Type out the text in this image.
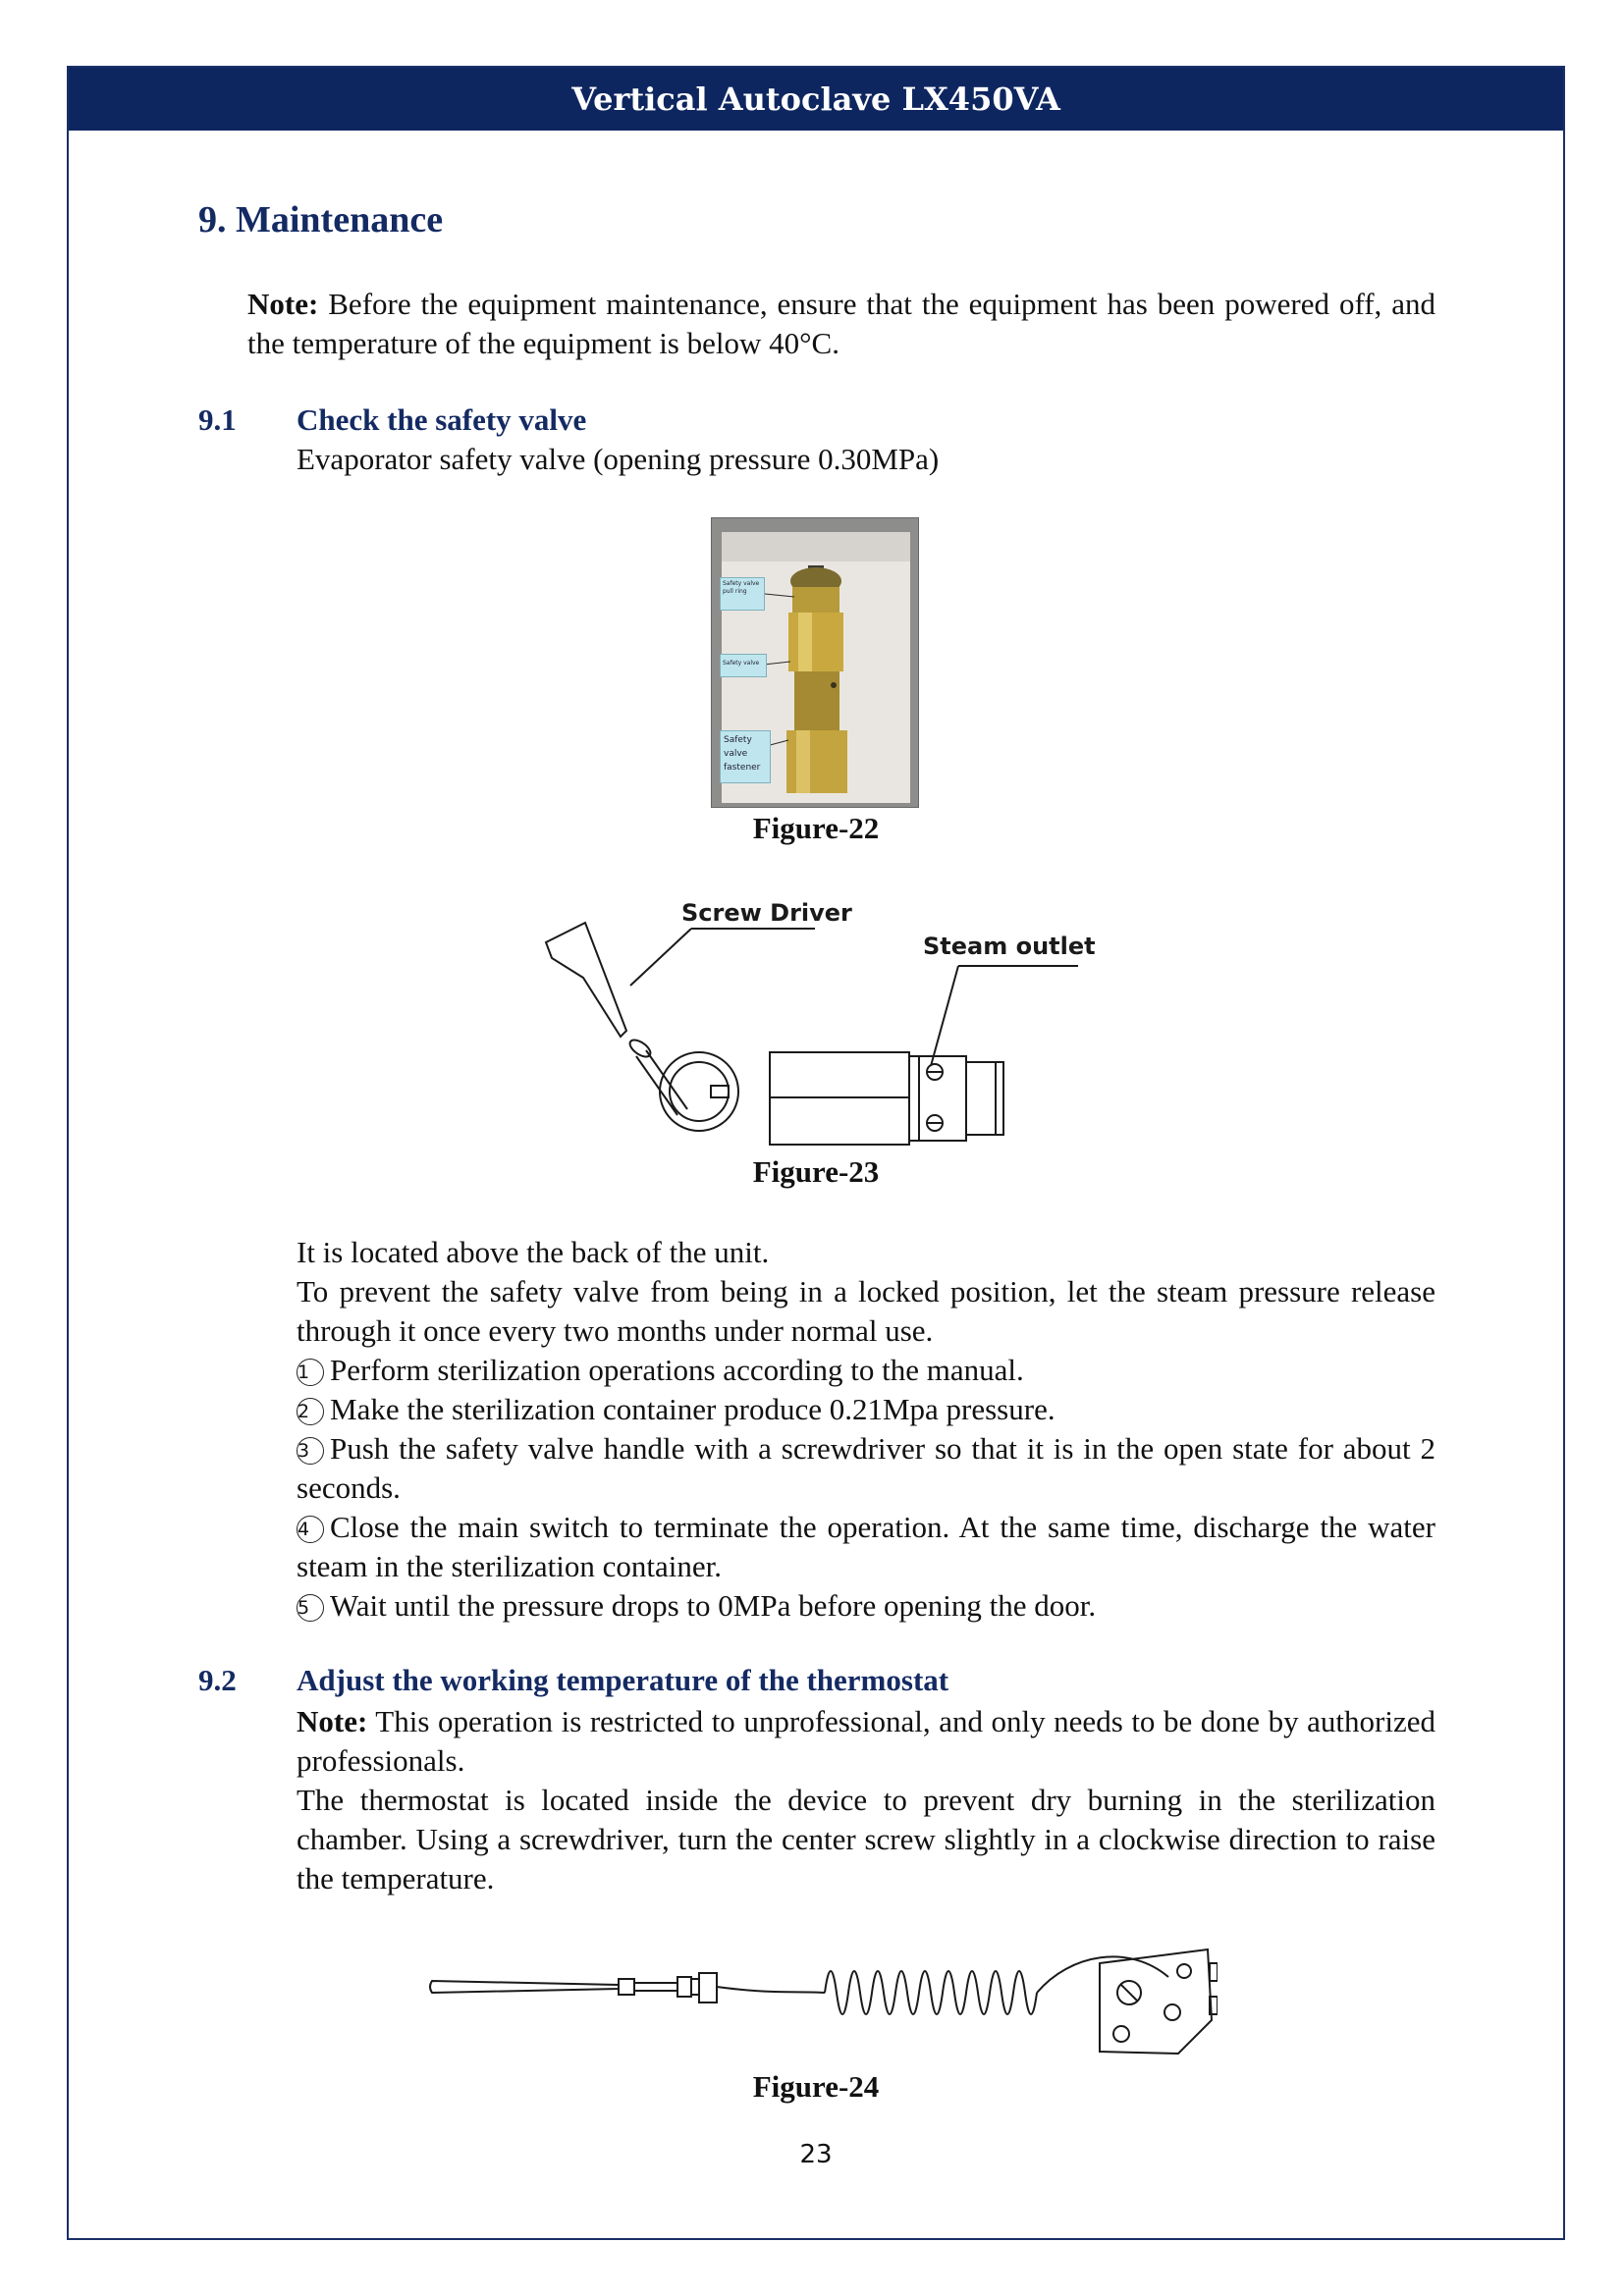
Vertical Autoclave LX450VA
9. Maintenance
Note: Before the equipment maintenance, ensure that the equipment has been powered off, and the temperature of the equipment is below 40°C.
9.1 Check the safety valve
Evaporator safety valve (opening pressure 0.30MPa)
Safety valve pull ring
Safety valve
Safety valve fastener
Figure-22
Screw Driver
Steam outlet
Figure-23
It is located above the back of the unit.
To prevent the safety valve from being in a locked position, let the steam pressure release through it once every two months under normal use.
1 Perform sterilization operations according to the manual.
2 Make the sterilization container produce 0.21Mpa pressure.
3 Push the safety valve handle with a screwdriver so that it is in the open state for about 2 seconds.
4 Close the main switch to terminate the operation. At the same time, discharge the water steam in the sterilization container.
5 Wait until the pressure drops to 0MPa before opening the door.
9.2 Adjust the working temperature of the thermostat
Note: This operation is restricted to unprofessional, and only needs to be done by authorized professionals.
The thermostat is located inside the device to prevent dry burning in the sterilization chamber. Using a screwdriver, turn the center screw slightly in a clockwise direction to raise the temperature.
Figure-24
23
